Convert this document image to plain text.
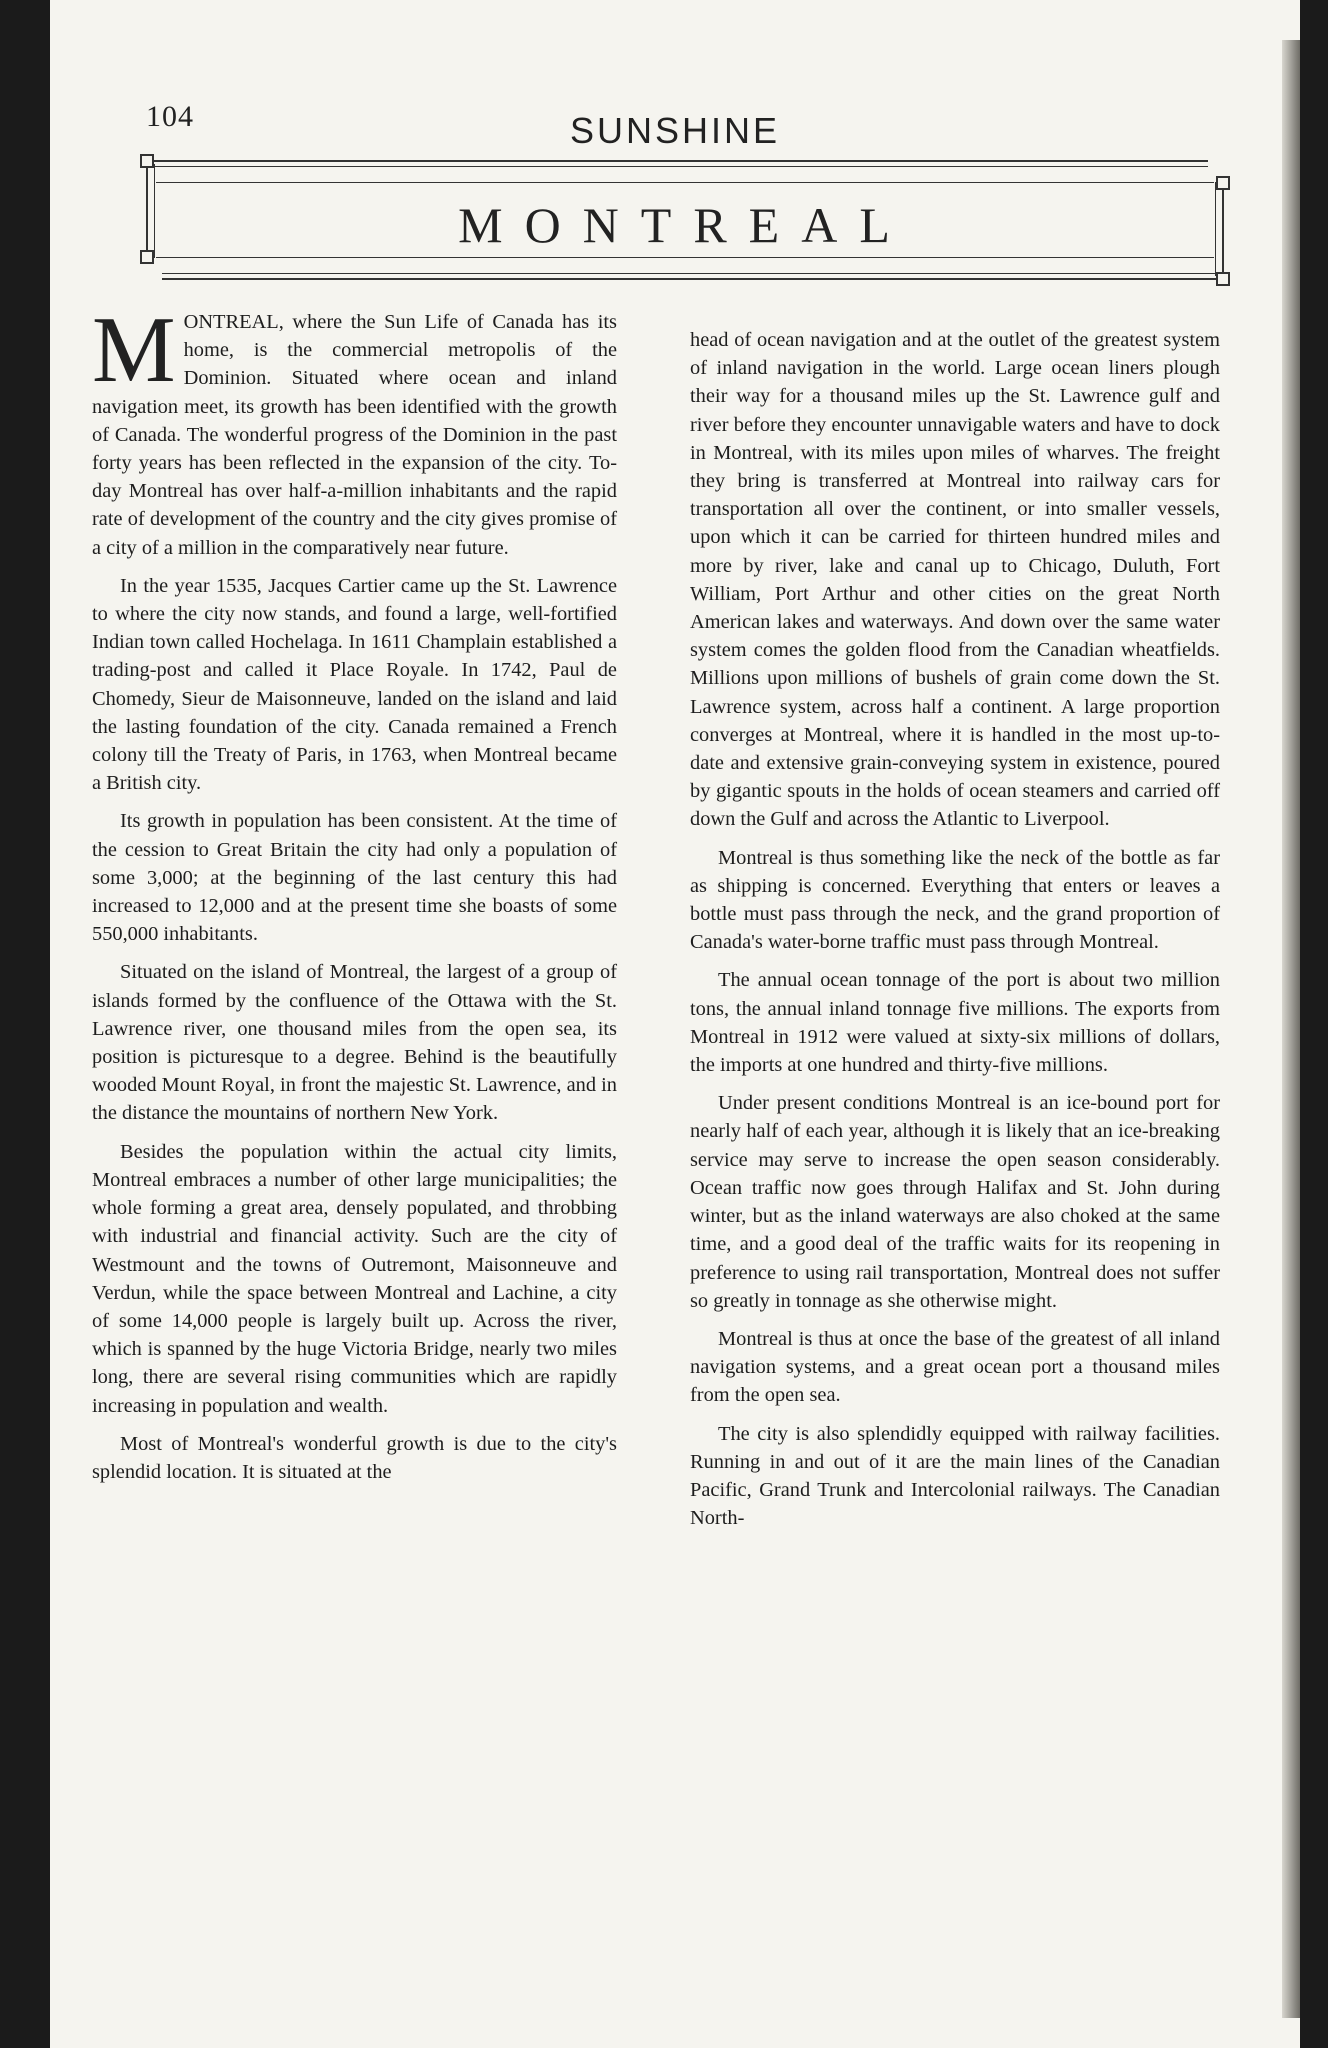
104	SUNSHINE
MONTREAL

MONTREAL, where the Sun Life of Canada has its home, is the commercial metropolis of the Dominion. Situated where ocean and inland navigation meet, its growth has been identified with the growth of Canada. The wonderful progress of the Dominion in the past forty years has been reflected in the expansion of the city. To-day Montreal has over half-a-million inhabitants and the rapid rate of development of the country and the city gives promise of a city of a million in the comparatively near future.

In the year 1535, Jacques Cartier came up the St. Lawrence to where the city now stands, and found a large, well-fortified Indian town called Hochelaga. In 1611 Champlain established a trading-post and called it Place Royale. In 1742, Paul de Chomedy, Sieur de Maisonneuve, landed on the island and laid the lasting foundation of the city. Canada remained a French colony till the Treaty of Paris, in 1763, when Montreal became a British city.

Its growth in population has been consistent. At the time of the cession to Great Britain the city had only a population of some 3,000; at the beginning of the last century this had increased to 12,000 and at the present time she boasts of some 550,000 inhabitants.

Situated on the island of Montreal, the largest of a group of islands formed by the confluence of the Ottawa with the St. Lawrence river, one thousand miles from the open sea, its position is picturesque to a degree. Behind is the beautifully wooded Mount Royal, in front the majestic St. Lawrence, and in the distance the mountains of northern New York.

Besides the population within the actual city limits, Montreal embraces a number of other large municipalities; the whole forming a great area, densely populated, and throbbing with industrial and financial activity. Such are the city of Westmount and the towns of Outremont, Maisonneuve and Verdun, while the space between Montreal and Lachine, a city of some 14,000 people is largely built up. Across the river, which is spanned by the huge Victoria Bridge, nearly two miles long, there are several rising communities which are rapidly increasing in population and wealth.

Most of Montreal's wonderful growth is due to the city's splendid location. It is situated at the

head of ocean navigation and at the outlet of the greatest system of inland navigation in the world. Large ocean liners plough their way for a thousand miles up the St. Lawrence gulf and river before they encounter unnavigable waters and have to dock in Montreal, with its miles upon miles of wharves. The freight they bring is transferred at Montreal into railway cars for transportation all over the continent, or into smaller vessels, upon which it can be carried for thirteen hundred miles and more by river, lake and canal up to Chicago, Duluth, Fort William, Port Arthur and other cities on the great North American lakes and waterways. And down over the same water system comes the golden flood from the Canadian wheatfields. Millions upon millions of bushels of grain come down the St. Lawrence system, across half a continent. A large proportion converges at Montreal, where it is handled in the most up-to-date and extensive grain-conveying system in existence, poured by gigantic spouts in the holds of ocean steamers and carried off down the Gulf and across the Atlantic to Liverpool.

Montreal is thus something like the neck of the bottle as far as shipping is concerned. Everything that enters or leaves a bottle must pass through the neck, and the grand proportion of Canada's water-borne traffic must pass through Montreal.

The annual ocean tonnage of the port is about two million tons, the annual inland tonnage five millions. The exports from Montreal in 1912 were valued at sixty-six millions of dollars, the imports at one hundred and thirty-five millions.

Under present conditions Montreal is an ice-bound port for nearly half of each year, although it is likely that an ice-breaking service may serve to increase the open season considerably. Ocean traffic now goes through Halifax and St. John during winter, but as the inland waterways are also choked at the same time, and a good deal of the traffic waits for its reopening in preference to using rail transportation, Montreal does not suffer so greatly in tonnage as she otherwise might.

Montreal is thus at once the base of the greatest of all inland navigation systems, and a great ocean port a thousand miles from the open sea.

The city is also splendidly equipped with railway facilities. Running in and out of it are the main lines of the Canadian Pacific, Grand Trunk and Intercolonial railways. The Canadian North-
